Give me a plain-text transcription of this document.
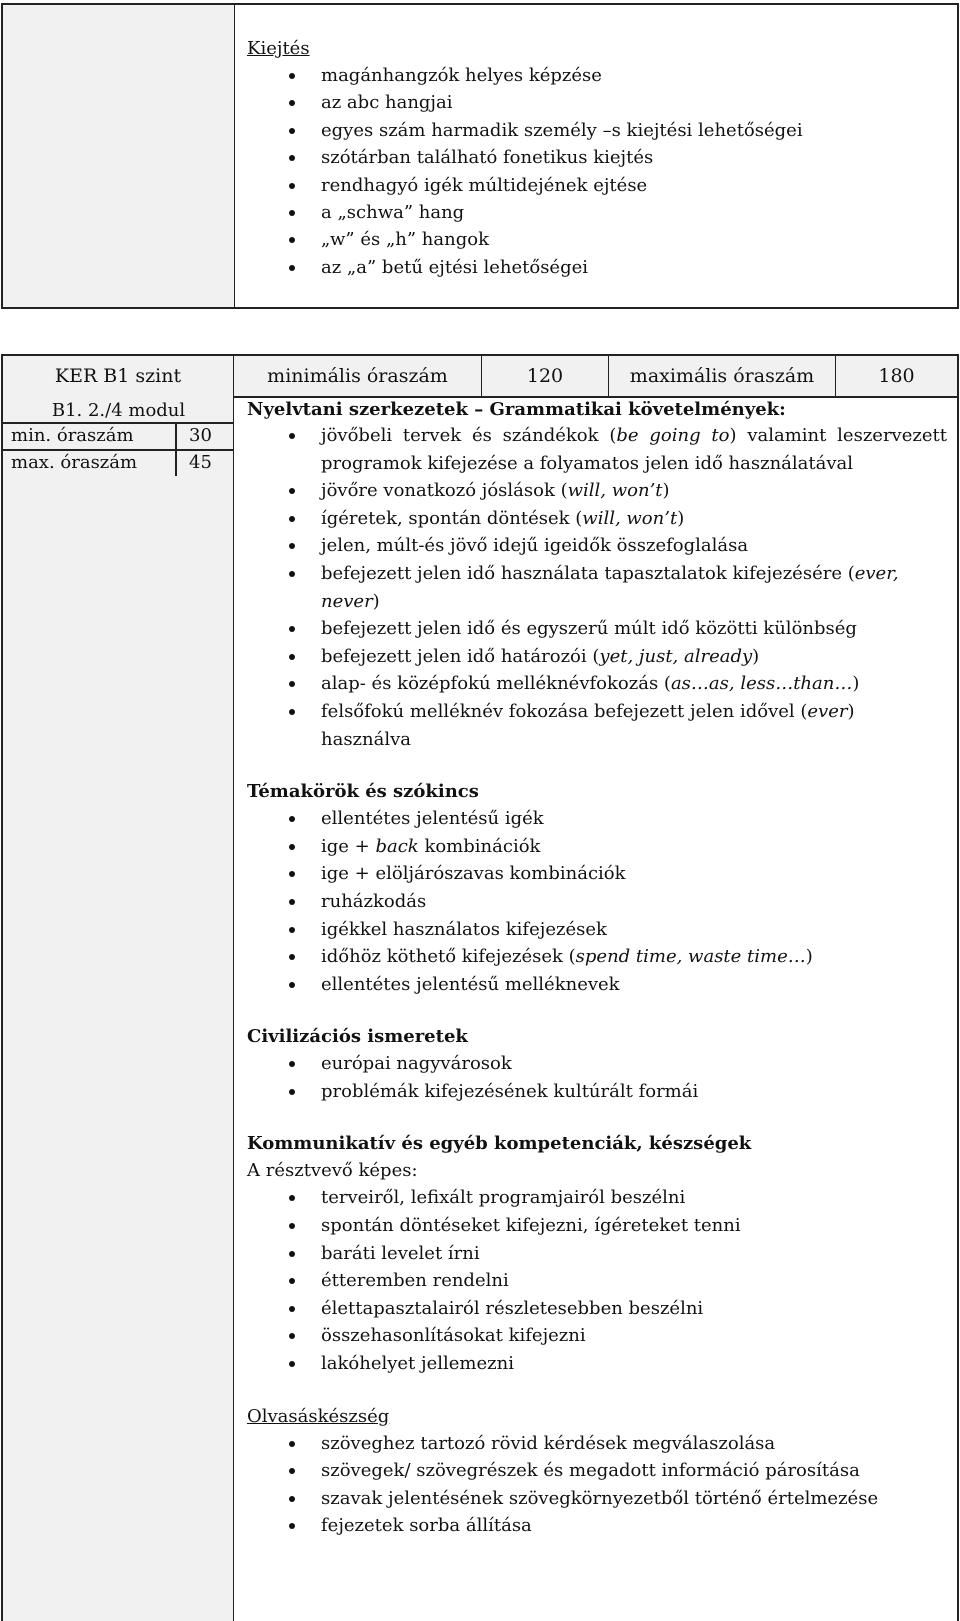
Kiejtés

magánhangzók helyes képzése
az abc hangjai
egyes szám harmadik személy –s kiejtési lehetőségei
szótárban található fonetikus kiejtés
rendhagyó igék múltidejének ejtése
a „schwa” hang
„w” és „h” hangok
az „a” betű ejtési lehetőségei
KER B1 szint	minimális óraszám	120	maximális óraszám	180
B1. 2./4 modul
min. óraszám	30
max. óraszám	45

Nyelvtani szerkezetek – Grammatikai követelmények:

jövőbeli tervek és szándékok (be going to) valamint leszervezett
programok kifejezése a folyamatos jelen idő használatával
jövőre vonatkozó jóslások (will, won’t)
ígéretek, spontán döntések (will, won’t)
jelen, múlt-és jövő idejű igeidők összefoglalása
befejezett jelen idő használata tapasztalatok kifejezésére (ever, never)
befejezett jelen idő és egyszerű múlt idő közötti különbség
befejezett jelen idő határozói (yet, just, already)
alap- és középfokú melléknévfokozás (as…as, less…than…)
felsőfokú melléknév fokozása befejezett jelen idővel (ever) használva

Témakörök és szókincs

ellentétes jelentésű igék
ige + back kombinációk
ige + elöljárószavas kombinációk
ruházkodás
igékkel használatos kifejezések
időhöz köthető kifejezések (spend time, waste time…)
ellentétes jelentésű melléknevek

Civilizációs ismeretek

európai nagyvárosok
problémák kifejezésének kultúrált formái

Kommunikatív és egyéb kompetenciák, készségek

A résztvevő képes:

terveiről, lefixált programjairól beszélni
spontán döntéseket kifejezni, ígéreteket tenni
baráti levelet írni
étteremben rendelni
élettapasztalairól részletesebben beszélni
összehasonlításokat kifejezni
lakóhelyet jellemezni

Olvasáskészség

szöveghez tartozó rövid kérdések megválaszolása
szövegek/ szövegrészek és megadott információ párosítása
szavak jelentésének szövegkörnyezetből történő értelmezése
fejezetek sorba állítása
